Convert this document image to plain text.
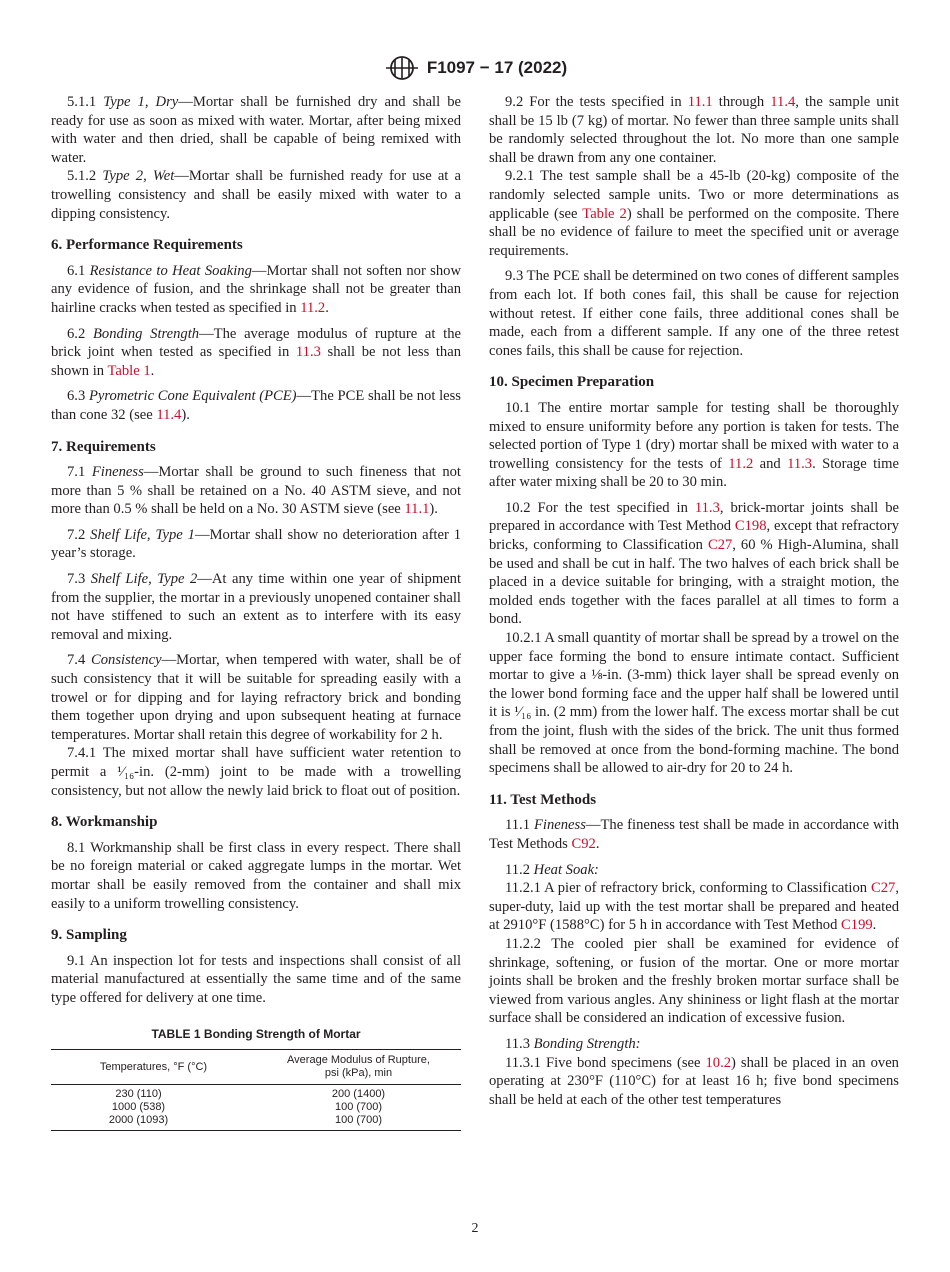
F1097 − 17 (2022)

5.1.1 Type 1, Dry—Mortar shall be furnished dry and shall be ready for use as soon as mixed with water. Mortar, after being mixed with water and then dried, shall be capable of being remixed with water.

5.1.2 Type 2, Wet—Mortar shall be furnished ready for use at a trowelling consistency and shall be easily mixed with water to a dipping consistency.

6. Performance Requirements

6.1 Resistance to Heat Soaking—Mortar shall not soften nor show any evidence of fusion, and the shrinkage shall not be greater than hairline cracks when tested as specified in 11.2.

6.2 Bonding Strength—The average modulus of rupture at the brick joint when tested as specified in 11.3 shall be not less than shown in Table 1.

6.3 Pyrometric Cone Equivalent (PCE)—The PCE shall be not less than cone 32 (see 11.4).

7. Requirements

7.1 Fineness—Mortar shall be ground to such fineness that not more than 5 % shall be retained on a No. 40 ASTM sieve, and not more than 0.5 % shall be held on a No. 30 ASTM sieve (see 11.1).

7.2 Shelf Life, Type 1—Mortar shall show no deterioration after 1 year’s storage.

7.3 Shelf Life, Type 2—At any time within one year of shipment from the supplier, the mortar in a previously unopened container shall not have stiffened to such an extent as to interfere with its easy removal and mixing.

7.4 Consistency—Mortar, when tempered with water, shall be of such consistency that it will be suitable for spreading easily with a trowel or for dipping and for laying refractory brick and bonding them together upon drying and upon subsequent heating at furnace temperatures. Mortar shall retain this degree of workability for 2 h.

7.4.1 The mixed mortar shall have sufficient water retention to permit a ¹⁄₁₆-in. (2-mm) joint to be made with a trowelling consistency, but not allow the newly laid brick to float out of position.

8. Workmanship

8.1 Workmanship shall be first class in every respect. There shall be no foreign material or caked aggregate lumps in the mortar. Wet mortar shall be easily removed from the container and shall mix easily to a uniform trowelling consistency.

9. Sampling

9.1 An inspection lot for tests and inspections shall consist of all material manufactured at essentially the same time and of the same type offered for delivery at one time.

TABLE 1 Bonding Strength of Mortar
Temperatures, °F (°C)	Average Modulus of Rupture,
psi (kPa), min
230 (110)	200 (1400)
1000 (538)	100 (700)
2000 (1093)	100 (700)

9.2 For the tests specified in 11.1 through 11.4, the sample unit shall be 15 lb (7 kg) of mortar. No fewer than three sample units shall be randomly selected throughout the lot. No more than one sample shall be drawn from any one container.

9.2.1 The test sample shall be a 45-lb (20-kg) composite of the randomly selected sample units. Two or more determinations as applicable (see Table 2) shall be performed on the composite. There shall be no evidence of failure to meet the specified unit or average requirements.

9.3 The PCE shall be determined on two cones of different samples from each lot. If both cones fail, this shall be cause for rejection without retest. If either cone fails, three additional cones shall be made, each from a different sample. If any one of the three retest cones fails, this shall be cause for rejection.

10. Specimen Preparation

10.1 The entire mortar sample for testing shall be thoroughly mixed to ensure uniformity before any portion is taken for tests. The selected portion of Type 1 (dry) mortar shall be mixed with water to a trowelling consistency for the tests of 11.2 and 11.3. Storage time after water mixing shall be 20 to 30 min.

10.2 For the test specified in 11.3, brick-mortar joints shall be prepared in accordance with Test Method C198, except that refractory bricks, conforming to Classification C27, 60 % High-Alumina, shall be used and shall be cut in half. The two halves of each brick shall be placed in a device suitable for bringing, with a straight motion, the molded ends together with the faces parallel at all times to form a bond.

10.2.1 A small quantity of mortar shall be spread by a trowel on the upper face forming the bond to ensure intimate contact. Sufficient mortar to give a ⅛-in. (3-mm) thick layer shall be spread evenly on the lower bond forming face and the upper half shall be lowered until it is ¹⁄₁₆ in. (2 mm) from the lower half. The excess mortar shall be cut from the joint, flush with the sides of the brick. The unit thus formed shall be removed at once from the bond-forming machine. The bond specimens shall be allowed to air-dry for 20 to 24 h.

11. Test Methods

11.1 Fineness—The fineness test shall be made in accordance with Test Methods C92.

11.2 Heat Soak:

11.2.1 A pier of refractory brick, conforming to Classification C27, super-duty, laid up with the test mortar shall be prepared and heated at 2910°F (1588°C) for 5 h in accordance with Test Method C199.

11.2.2 The cooled pier shall be examined for evidence of shrinkage, softening, or fusion of the mortar. One or more mortar joints shall be broken and the freshly broken mortar surface shall be viewed from various angles. Any shininess or light flash at the mortar surface shall be considered an indication of excessive fusion.

11.3 Bonding Strength:

11.3.1 Five bond specimens (see 10.2) shall be placed in an oven operating at 230°F (110°C) for at least 16 h; five bond specimens shall be held at each of the other test temperatures

2
